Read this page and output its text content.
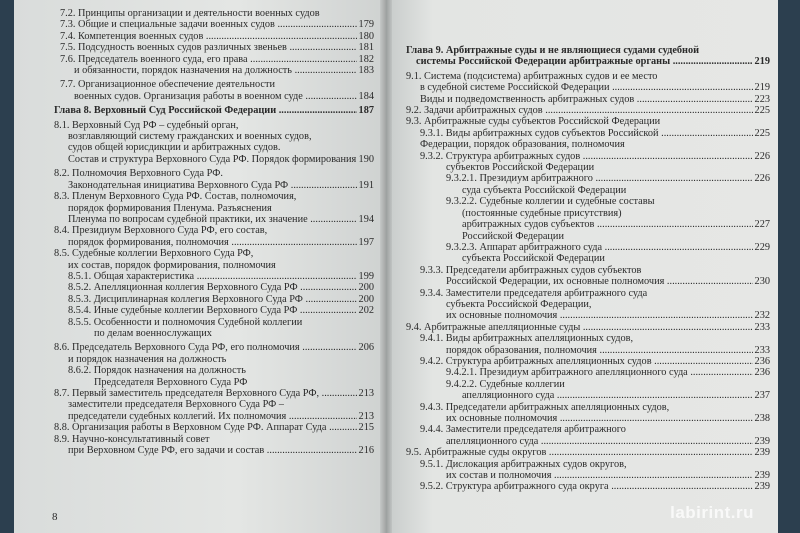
7.2. Принципы организации и деятельности военных судов
7.3. Общие и специальные задачи военных судов .....	179
7.4. Компетенция военных судов .....	180
7.5. Подсудность военных судов различных звеньев .....	181
7.6. Председатель военного суда, его права .....	182
и обязанности, порядок назначения на должность .....	183
7.7. Организационное обеспечение деятельности
военных судов. Организация работы в военном суде .....	184
Глава 8. Верховный Суд Российской Федерации .....	187
8.1. Верховный Суд РФ – судебный орган,
возглавляющий систему гражданских и военных судов,
судов общей юрисдикции и арбитражных судов.
Состав и структура Верховного Суда РФ. Порядок формирования ..... 190
8.2. Полномочия Верховного Суда РФ.
Законодательная инициатива Верховного Суда РФ .....	191
8.3. Пленум Верховного Суда РФ. Состав, полномочия,
порядок формирования Пленума. Разъяснения
Пленума по вопросам судебной практики, их значение .....	194
8.4. Президиум Верховного Суда РФ, его состав,
порядок формирования, полномочия .....	197
8.5. Судебные коллегии Верховного Суда РФ,
их состав, порядок формирования, полномочия
8.5.1. Общая характеристика .....	199
8.5.2. Апелляционная коллегия Верховного Суда РФ .....	200
8.5.3. Дисциплинарная коллегия Верховного Суда РФ .....	200
8.5.4. Иные судебные коллегии Верховного Суда РФ .....	202
8.5.5. Особенности и полномочия Судебной коллегии
по делам военнослужащих
8.6. Председатель Верховного Суда РФ, его полномочия .....	206
и порядок назначения на должность
8.6.2. Порядок назначения на должность
Председателя Верховного Суда РФ
8.7. Первый заместитель председателя Верховного Суда РФ, .....	213
заместители председателя Верховного Суда РФ –
председатели судебных коллегий. Их полномочия .....	213
8.8. Организация работы в Верховном Суде РФ. Аппарат Суда .....	215
8.9. Научно-консультативный совет
при Верховном Суде РФ, его задачи и состав .....	216
8
Глава 9. Арбитражные суды и не являющиеся судами судебной
системы Российской Федерации арбитражные органы .....	219
9.1. Система (подсистема) арбитражных судов и ее место
в судебной системе Российской Федерации .....	219
Виды и подведомственность арбитражных судов .....	223
9.2. Задачи арбитражных судов .....	225
9.3. Арбитражные суды субъектов Российской Федерации
9.3.1. Виды арбитражных судов субъектов Российской .....	225
Федерации, порядок образования, полномочия
9.3.2. Структура арбитражных судов .....	226
субъектов Российской Федерации
9.3.2.1. Президиум арбитражного .....	226
суда субъекта Российской Федерации
9.3.2.2. Судебные коллегии и судебные составы
(постоянные судебные присутствия)
арбитражных судов субъектов .....	227
Российской Федерации
9.3.2.3. Аппарат арбитражного суда .....	229
субъекта Российской Федерации
9.3.3. Председатели арбитражных судов субъектов
Российской Федерации, их основные полномочия .....	230
9.3.4. Заместители председателя арбитражного суда
субъекта Российской Федерации,
их основные полномочия .....	232
9.4. Арбитражные апелляционные суды .....	233
9.4.1. Виды арбитражных апелляционных судов,
порядок образования, полномочия .....	233
9.4.2. Структура арбитражных апелляционных судов .....	236
9.4.2.1. Президиум арбитражного апелляционного суда .....	236
9.4.2.2. Судебные коллегии
апелляционного суда .....	237
9.4.3. Председатели арбитражных апелляционных судов,
их основные полномочия .....	238
9.4.4. Заместители председателя арбитражного
апелляционного суда .....	239
9.5. Арбитражные суды округов .....	239
9.5.1. Дислокация арбитражных судов округов,
их состав и полномочия .....	239
9.5.2. Структура арбитражного суда округа .....	239
labirint.ru
